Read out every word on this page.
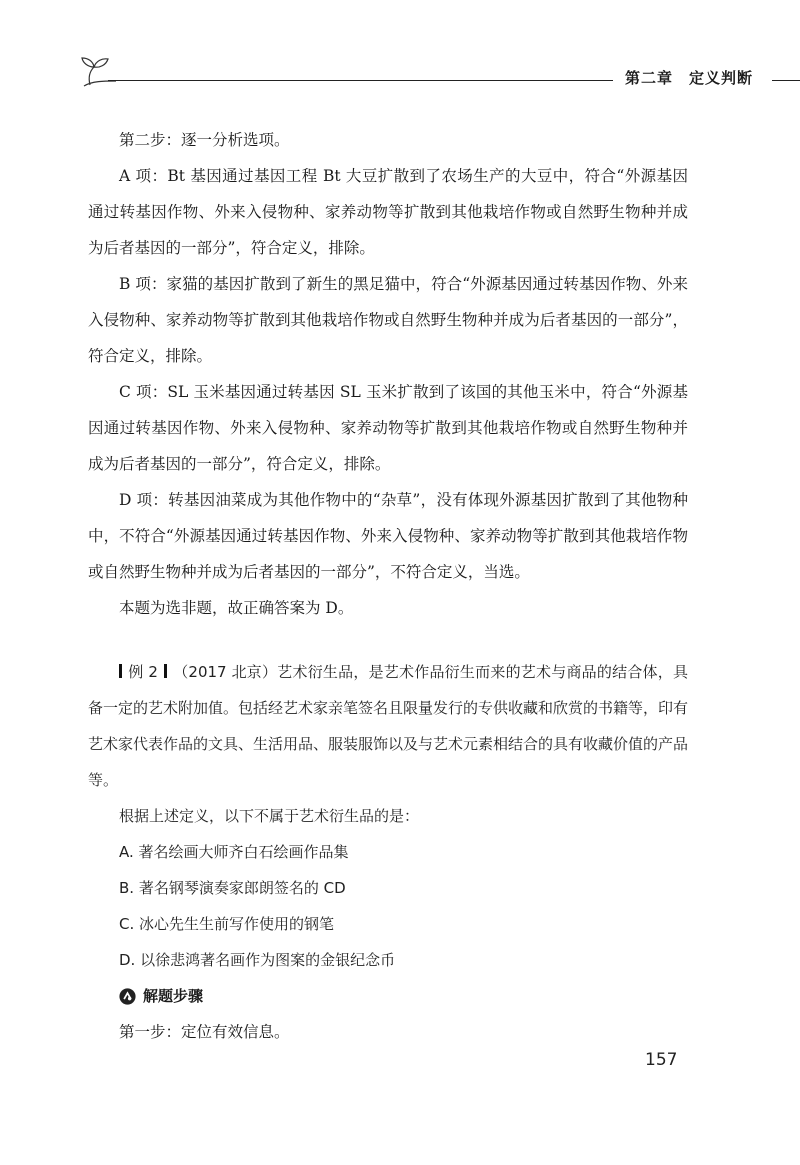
第二章 定义判断

第二步：逐一分析选项。

A 项：Bt 基因通过基因工程 Bt 大豆扩散到了农场生产的大豆中，符合“外源基因通过转基因作物、外来入侵物种、家养动物等扩散到其他栽培作物或自然野生物种并成为后者基因的一部分”，符合定义，排除。

B 项：家猫的基因扩散到了新生的黑足猫中，符合“外源基因通过转基因作物、外来入侵物种、家养动物等扩散到其他栽培作物或自然野生物种并成为后者基因的一部分”，符合定义，排除。

C 项：SL 玉米基因通过转基因 SL 玉米扩散到了该国的其他玉米中，符合“外源基因通过转基因作物、外来入侵物种、家养动物等扩散到其他栽培作物或自然野生物种并成为后者基因的一部分”，符合定义，排除。

D 项：转基因油菜成为其他作物中的“杂草”，没有体现外源基因扩散到了其他物种中，不符合“外源基因通过转基因作物、外来入侵物种、家养动物等扩散到其他栽培作物或自然野生物种并成为后者基因的一部分”，不符合定义，当选。

本题为选非题，故正确答案为 D。

例 2 （2017 北京）艺术衍生品，是艺术作品衍生而来的艺术与商品的结合体，具备一定的艺术附加值。包括经艺术家亲笔签名且限量发行的专供收藏和欣赏的书籍等，印有艺术家代表作品的文具、生活用品、服装服饰以及与艺术元素相结合的具有收藏价值的产品等。

根据上述定义，以下不属于艺术衍生品的是：

A. 著名绘画大师齐白石绘画作品集

B. 著名钢琴演奏家郎朗签名的 CD

C. 冰心先生生前写作使用的钢笔

D. 以徐悲鸿著名画作为图案的金银纪念币

解题步骤

第一步：定位有效信息。

157
